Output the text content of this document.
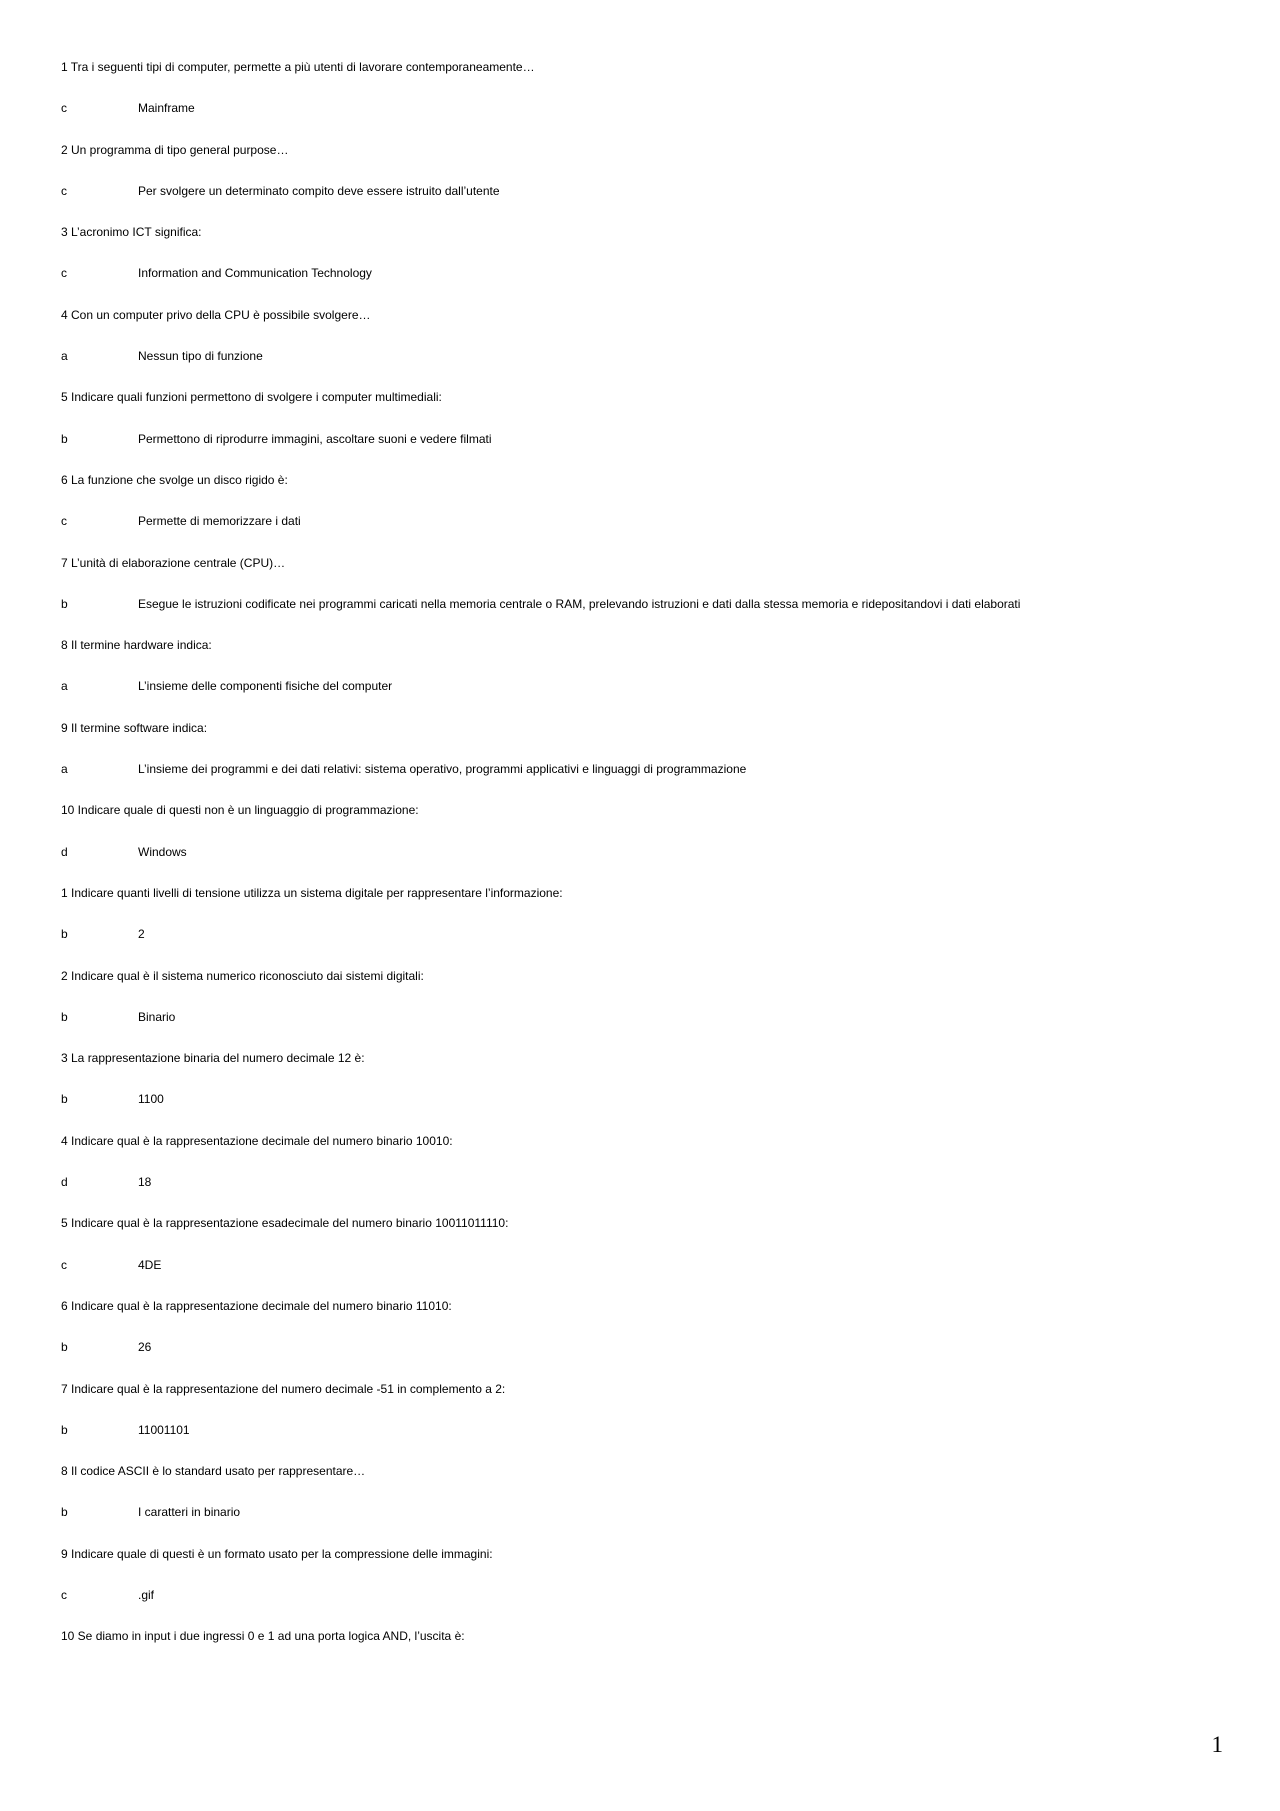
1 Tra i seguenti tipi di computer, permette a più utenti di lavorare contemporaneamente…
c	Mainframe
2 Un programma di tipo general purpose…
c	Per svolgere un determinato compito deve essere istruito dall’utente
3 L’acronimo ICT significa:
c	Information and Communication Technology
4 Con un computer privo della CPU è possibile svolgere…
a	Nessun tipo di funzione
5 Indicare quali funzioni permettono di svolgere i computer multimediali:
b	Permettono di riprodurre immagini, ascoltare suoni e vedere filmati
6 La funzione che svolge un disco rigido è:
c	Permette di memorizzare i dati
7 L’unità di elaborazione centrale (CPU)…
b	Esegue le istruzioni codificate nei programmi caricati nella memoria centrale o RAM, prelevando istruzioni e dati dalla stessa memoria e ridepositandovi i dati elaborati
8 Il termine hardware indica:
a	L’insieme delle componenti fisiche del computer
9 Il termine software indica:
a	L’insieme dei programmi e dei dati relativi: sistema operativo, programmi applicativi e linguaggi di programmazione
10 Indicare quale di questi non è un linguaggio di programmazione:
d	Windows
1 Indicare quanti livelli di tensione utilizza un sistema digitale per rappresentare l’informazione:
b	2
2 Indicare qual è il sistema numerico riconosciuto dai sistemi digitali:
b	Binario
3 La rappresentazione binaria del numero decimale 12 è:
b	1100
4 Indicare qual è la rappresentazione decimale del numero binario 10010:
d	18
5 Indicare qual è la rappresentazione esadecimale del numero binario 10011011110:
c	4DE
6 Indicare qual è la rappresentazione decimale del numero binario 11010:
b	26
7 Indicare qual è la rappresentazione del numero decimale -51 in complemento a 2:
b	11001101
8 Il codice ASCII è lo standard usato per rappresentare…
b	I caratteri in binario
9 Indicare quale di questi è un formato usato per la compressione delle immagini:
c	.gif
10 Se diamo in input i due ingressi 0 e 1 ad una porta logica AND, l’uscita è:
1
